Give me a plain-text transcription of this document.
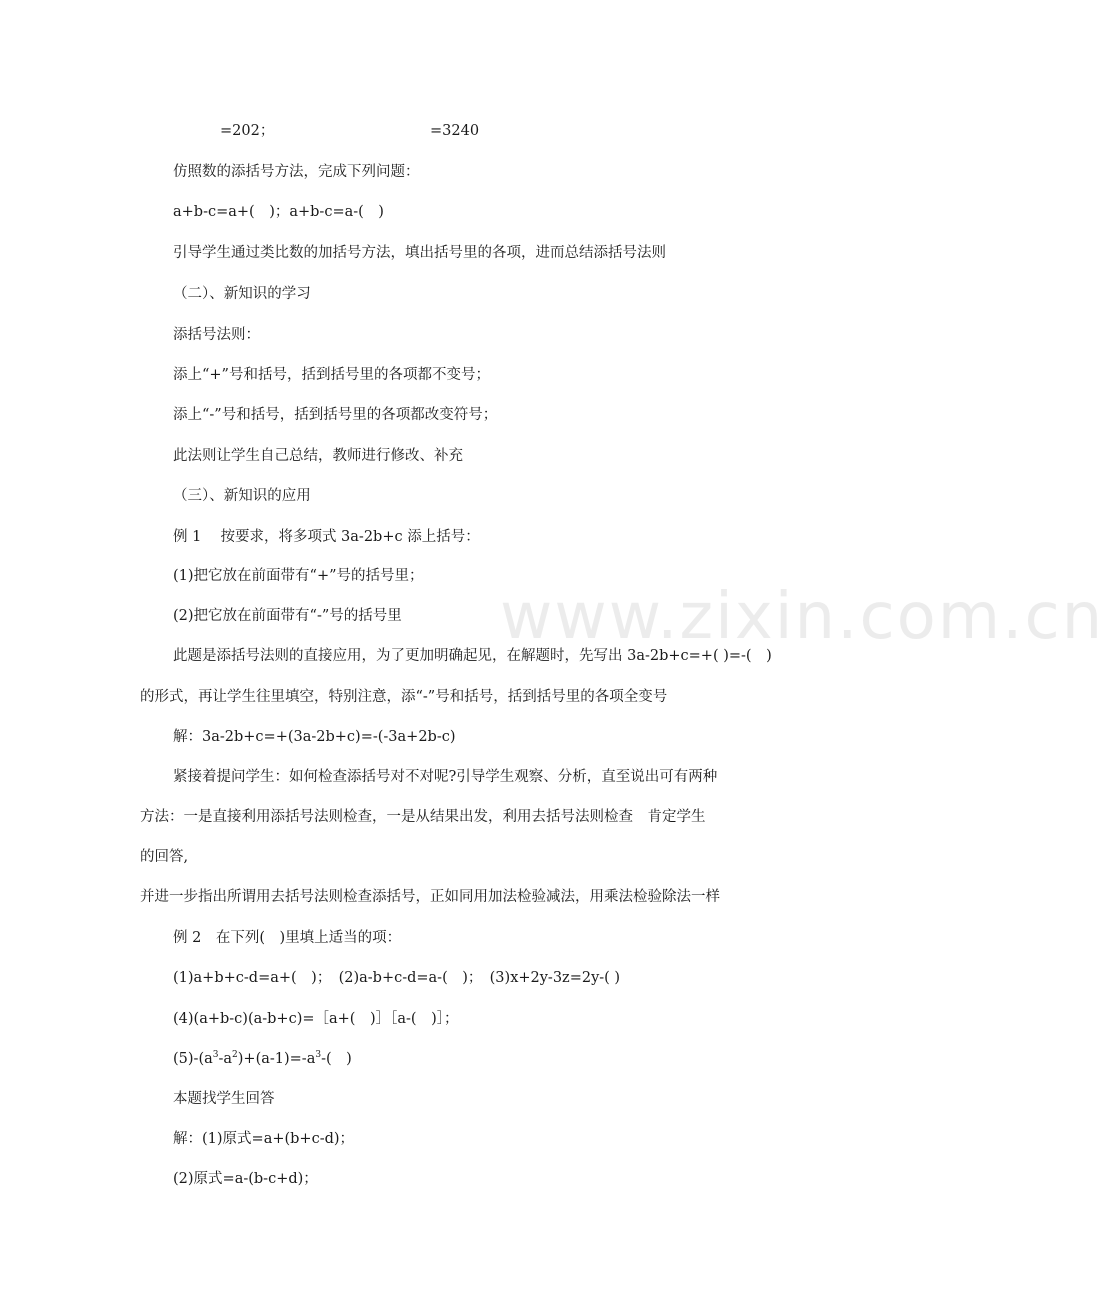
www.zixin.com.cn
=202；	=3240
仿照数的添括号方法，完成下列问题：
a+b-c=a+(　)；a+b-c=a-(　)
引导学生通过类比数的加括号方法，填出括号里的各项，进而总结添括号法则
（二）、新知识的学习
添括号法则：
添上“+”号和括号，括到括号里的各项都不变号；
添上“-”号和括号，括到括号里的各项都改变符号；
此法则让学生自己总结，教师进行修改、补充
（三）、新知识的应用
例 1　 按要求，将多项式 3a-2b+c 添上括号：
(1)把它放在前面带有“+”号的括号里；
(2)把它放在前面带有“-”号的括号里
此题是添括号法则的直接应用，为了更加明确起见，在解题时，先写出 3a-2b+c=+( )=-(　)
的形式，再让学生往里填空，特别注意，添“-”号和括号，括到括号里的各项全变号
解：3a-2b+c=+(3a-2b+c)=-(-3a+2b-c)
紧接着提问学生：如何检查添括号对不对呢?引导学生观察、分析，直至说出可有两种
方法：一是直接利用添括号法则检查，一是从结果出发，利用去括号法则检查　肯定学生
的回答,
并进一步指出所谓用去括号法则检查添括号，正如同用加法检验减法，用乘法检验除法一样
例 2　在下列(　)里填上适当的项：
(1)a+b+c-d=a+(　)；　(2)a-b+c-d=a-(　)；　(3)x+2y-3z=2y-( )
(4)(a+b-c)(a-b+c)=［a+(　)］［a-(　)］；
$(5)-(a^3-a^2)+(a-1)=-a^3-$(　)
本题找学生回答
解：(1)原式=a+(b+c-d)；
(2)原式=a-(b-c+d)；
